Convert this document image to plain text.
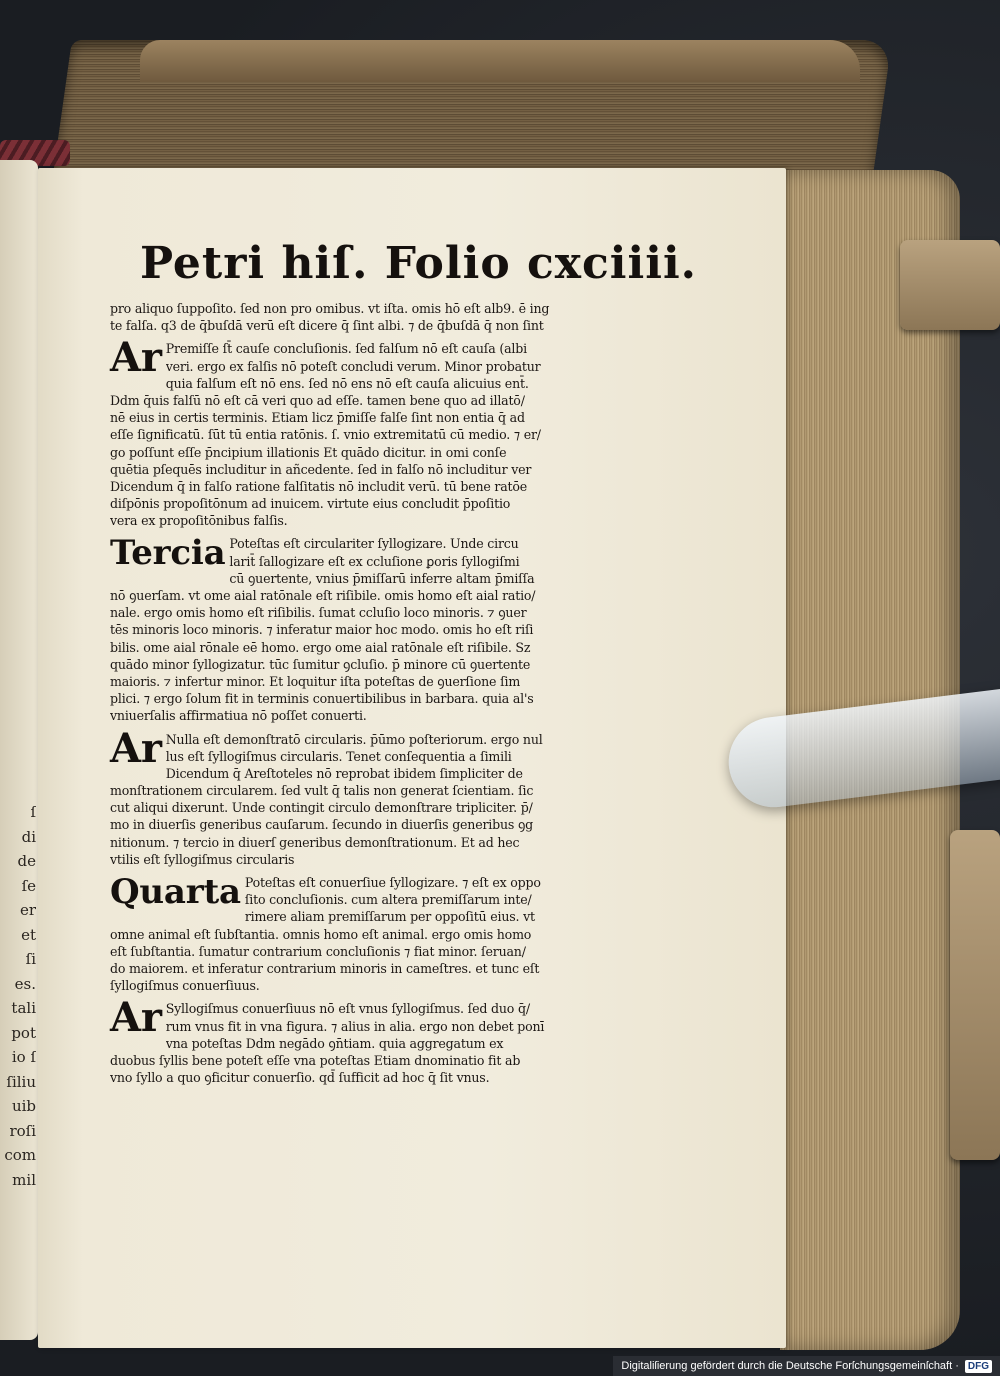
ſ
di
de
ſe
er
et
ſi
es.
tali
pot
io ſ
ſiliu
uib
roſi
com
mil
Petri hiſ. Folio cxciiii.
pro aliquo ſuppoſito. ſed non pro omibus. vt iſta. omis hō eſt alb9. ē ing
te falſa. q3 de q̄buſdā verū eſt dicere q̄ ſint albi. ⁊ de q̄buſdā q̄ non ſint
Ar Premiſſe ſt̄ cauſe concluſionis. ſed falſum nō eſt cauſa (albi
veri. ergo ex falſis nō poteſt concludi verum. Minor probatur
quia falſum eſt nō ens. ſed nō ens nō eſt cauſa alicuius ent̄.
Ddm q̄uis falſū nō eſt cā veri quo ad eſſe. tamen bene quo ad illatō/
nē eius in certis terminis. Etiam licz p̄miſſe falſe ſint non entia q̄ ad
eſſe ſignificatū. ſūt tū entia ratōnis. ſ. vnio extremitatū cū medio. ⁊ er/
go poſſunt eſſe p̄ncipium illationis Et quādo dicitur. in omi conſe
quētia pſequēs includitur in añcedente. ſed in falſo nō includitur ver
Dicendum q̄ in falſo ratione falſitatis nō includit verū. tū bene ratōe
diſpōnis propoſitōnum ad inuicem. virtute eius concludit p̄poſitio
vera ex propoſitōnibus falſis.
Tercia Poteſtas eſt circulariter ſyllogizare. Unde circu
larit̄ ſallogizare eſt ex ccluſione ꝑoris ſyllogiſmi
cū ꝯuertente, vnius p̄miſſarū inferre altam p̄miſſa
nō ꝯuerſam. vt ome aial ratōnale eſt riſibile. omis homo eſt aial ratio/
nale. ergo omis homo eſt riſibilis. ſumat ccluſio loco minoris. ⁊ ꝯuer
tēs minoris loco minoris. ⁊ inferatur maior hoc modo. omis ho eſt riſi
bilis. ome aial rōnale eē homo. ergo ome aial ratōnale eſt riſibile. Sz
quādo minor ſyllogizatur. tūc ſumitur ꝯcluſio. p̄ minore cū ꝯuertente
maioris. ⁊ infertur minor. Et loquitur iſta poteſtas de ꝯuerſione ſim
plici. ⁊ ergo ſolum fit in terminis conuertibilibus in barbara. quia al's
vniuerſalis affirmatiua nō poſſet conuerti.
Ar Nulla eſt demonſtratō circularis. p̄ūmo poſteriorum. ergo nul
lus eſt ſyllogiſmus circularis. Tenet conſequentia a ſimili
Dicendum q̄ Areſtoteles nō reprobat ibidem ſimpliciter de
monſtrationem circularem. ſed vult q̄ talis non generat ſcientiam. ſic
cut aliqui dixerunt. Unde contingit circulo demonſtrare tripliciter. p̄/
mo in diuerſis generibus cauſarum. ſecundo in diuerſis generibus ꝯg
nitionum. ⁊ tercio in diuerſ generibus demonſtrationum. Et ad hec
vtilis eſt ſyllogiſmus circularis
Quarta Poteſtas eſt conuerſiue ſyllogizare. ⁊ eſt ex oppo
ſito concluſionis. cum altera premiſſarum inte/
rimere aliam premiſſarum per oppoſitū eius. vt
omne animal eſt ſubſtantia. omnis homo eſt animal. ergo omis homo
eſt ſubſtantia. ſumatur contrarium concluſionis ⁊ fiat minor. ſeruan/
do maiorem. et inferatur contrarium minoris in cameſtres. et tunc eſt
ſyllogiſmus conuerſiuus.
Ar Syllogiſmus conuerſiuus nō eſt vnus ſyllogiſmus. ſed duo q̄/
rum vnus fit in vna figura. ⁊ alius in alia. ergo non debet ponī
vna poteſtas Ddm negādo ꝯn̄tiam. quia aggregatum ex
duobus ſyllis bene poteſt eſſe vna poteſtas Etiam dnominatio fit ab
vno ſyllo a quo ꝯficitur conuerſio. qd̄ ſufficit ad hoc q̄ ſit vnus.
Digitaliſierung gefördert durch die Deutsche Forſchungsgemeinſchaft · DFG
